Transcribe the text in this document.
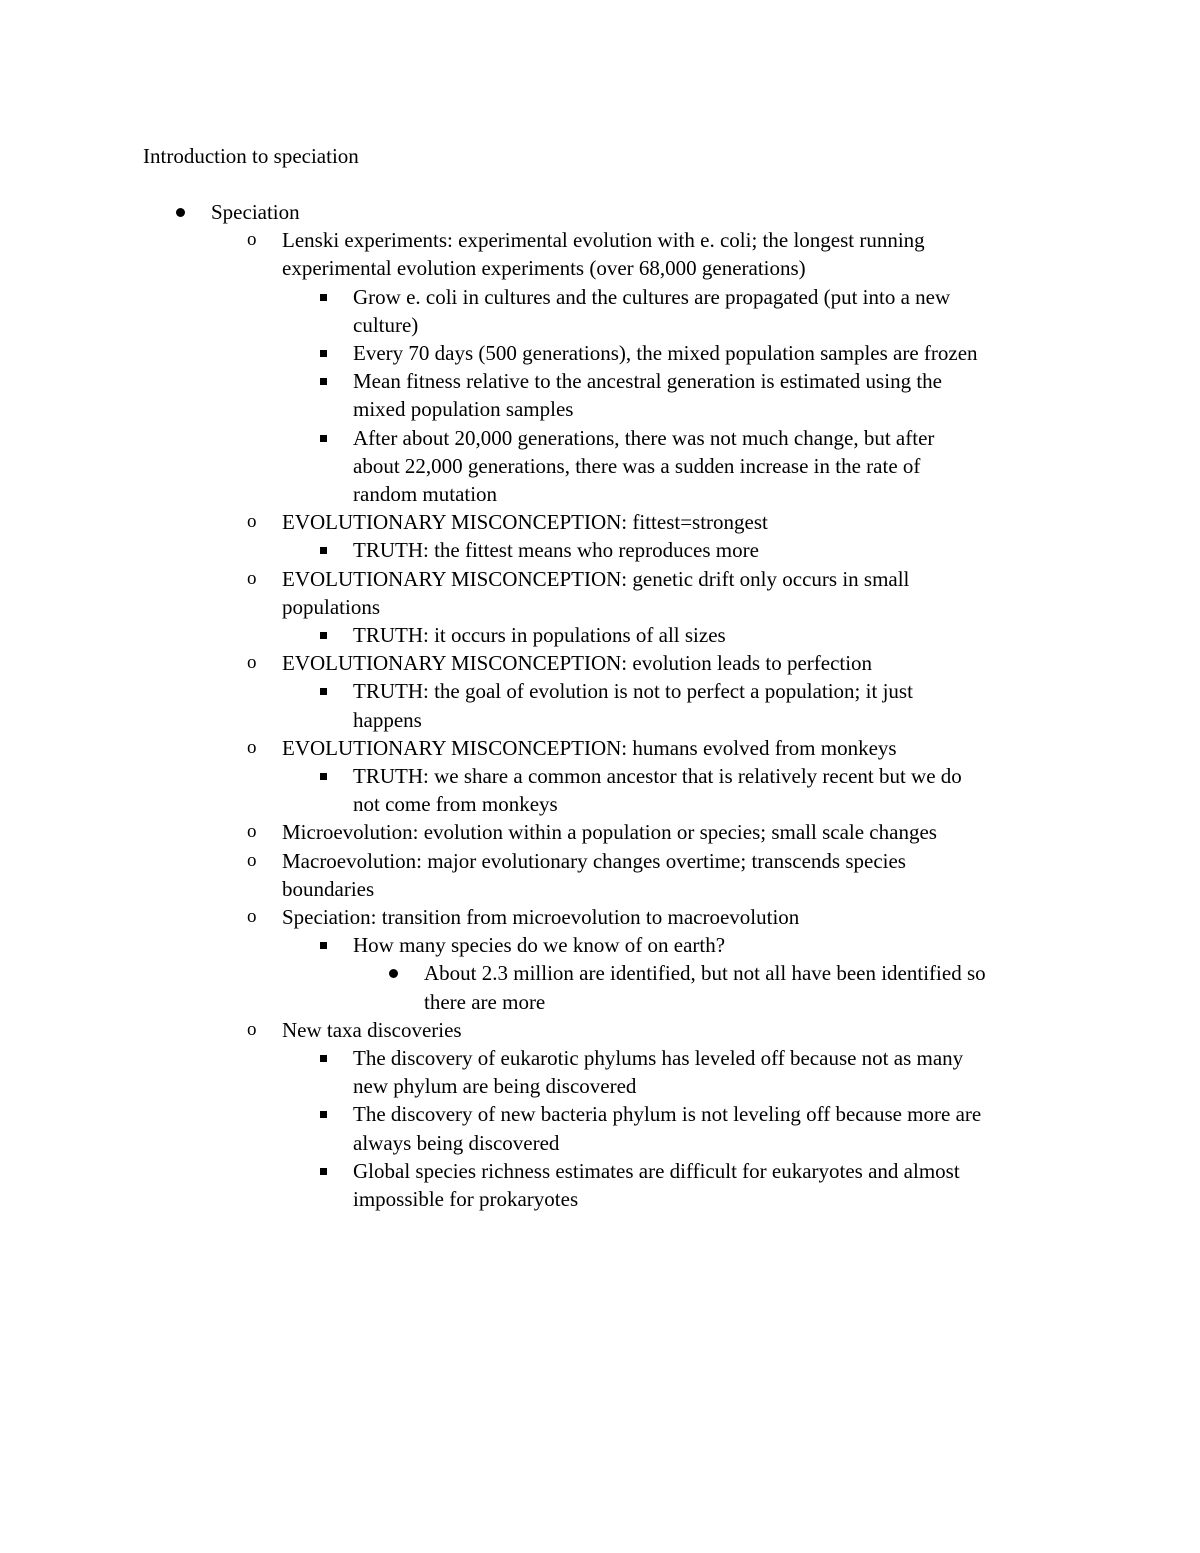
Introduction to speciation
Speciation
o Lenski experiments: experimental evolution with e. coli; the longest running
experimental evolution experiments (over 68,000 generations)
Grow e. coli in cultures and the cultures are propagated (put into a new
culture)
Every 70 days (500 generations), the mixed population samples are frozen
Mean fitness relative to the ancestral generation is estimated using the
mixed population samples
After about 20,000 generations, there was not much change, but after
about 22,000 generations, there was a sudden increase in the rate of
random mutation
o EVOLUTIONARY MISCONCEPTION: fittest=strongest
TRUTH: the fittest means who reproduces more
o EVOLUTIONARY MISCONCEPTION: genetic drift only occurs in small
populations
TRUTH: it occurs in populations of all sizes
o EVOLUTIONARY MISCONCEPTION: evolution leads to perfection
TRUTH: the goal of evolution is not to perfect a population; it just
happens
o EVOLUTIONARY MISCONCEPTION: humans evolved from monkeys
TRUTH: we share a common ancestor that is relatively recent but we do
not come from monkeys
o Microevolution: evolution within a population or species; small scale changes
o Macroevolution: major evolutionary changes overtime; transcends species
boundaries
o Speciation: transition from microevolution to macroevolution
How many species do we know of on earth?
About 2.3 million are identified, but not all have been identified so
there are more
o New taxa discoveries
The discovery of eukarotic phylums has leveled off because not as many
new phylum are being discovered
The discovery of new bacteria phylum is not leveling off because more are
always being discovered
Global species richness estimates are difficult for eukaryotes and almost
impossible for prokaryotes
